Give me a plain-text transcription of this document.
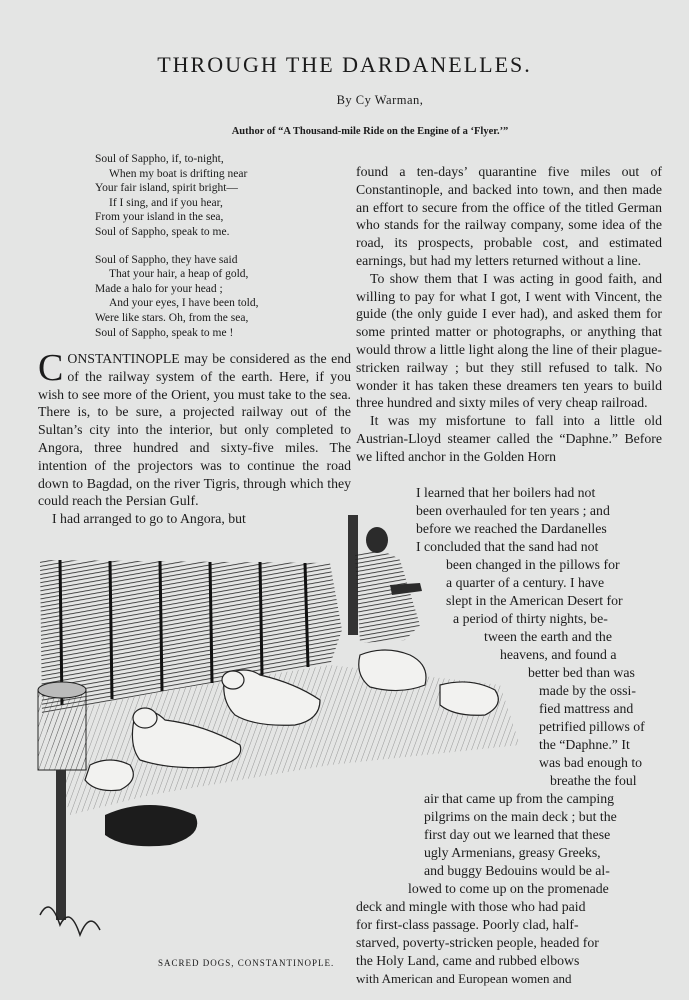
THROUGH THE DARDANELLES.
By Cy Warman,
Author of “A Thousand-mile Ride on the Engine of a ‘Flyer.’”
Soul of Sappho, if, to-night,
When my boat is drifting near
Your fair island, spirit bright—
If I sing, and if you hear,
From your island in the sea,
Soul of Sappho, speak to me.
Soul of Sappho, they have said
That your hair, a heap of gold,
Made a halo for your head ;
And your eyes, I have been told,
Were like stars. Oh, from the sea,
Soul of Sappho, speak to me !

CONSTANTINOPLE may be considered as the end of the railway system of the earth. Here, if you wish to see more of the Orient, you must take to the sea. There is, to be sure, a projected railway out of the Sultan’s city into the interior, but only completed to Angora, three hundred and sixty-five miles. The intention of the projectors was to continue the road down to Bagdad, on the river Tigris, through which they could reach the Persian Gulf.

I had arranged to go to Angora, but

found a ten-days’ quarantine five miles out of Constantinople, and backed into town, and then made an effort to secure from the office of the titled German who stands for the railway company, some idea of the road, its prospects, probable cost, and estimated earnings, but had my letters returned without a line.

To show them that I was acting in good faith, and willing to pay for what I got, I went with Vincent, the guide (the only guide I ever had), and asked them for some printed matter or photographs, or anything that would throw a little light along the line of their plague-stricken railway ; but they still refused to talk. No wonder it has taken these dreamers ten years to build three hundred and sixty miles of very cheap railroad.

It was my misfortune to fall into a little old Austrian-Lloyd steamer called the “Daphne.” Before we lifted anchor in the Golden Horn

I learned that her boilers had not
been overhauled for ten years ; and
before we reached the Dardanelles
I concluded that the sand had not
been changed in the pillows for
a quarter of a century. I have
slept in the American Desert for
a period of thirty nights, be-
tween the earth and the
heavens, and found a
better bed than was
made by the ossi-
fied mattress and
petrified pillows of
the “Daphne.” It
was bad enough to
breathe the foul
air that came up from the camping
pilgrims on the main deck ; but the
first day out we learned that these
ugly Armenians, greasy Greeks,
and buggy Bedouins would be al-
lowed to come up on the promenade
deck and mingle with those who had paid
for first-class passage. Poorly clad, half-
starved, poverty-stricken people, headed for
the Holy Land, came and rubbed elbows
with American and European women and
SACRED DOGS, CONSTANTINOPLE.
